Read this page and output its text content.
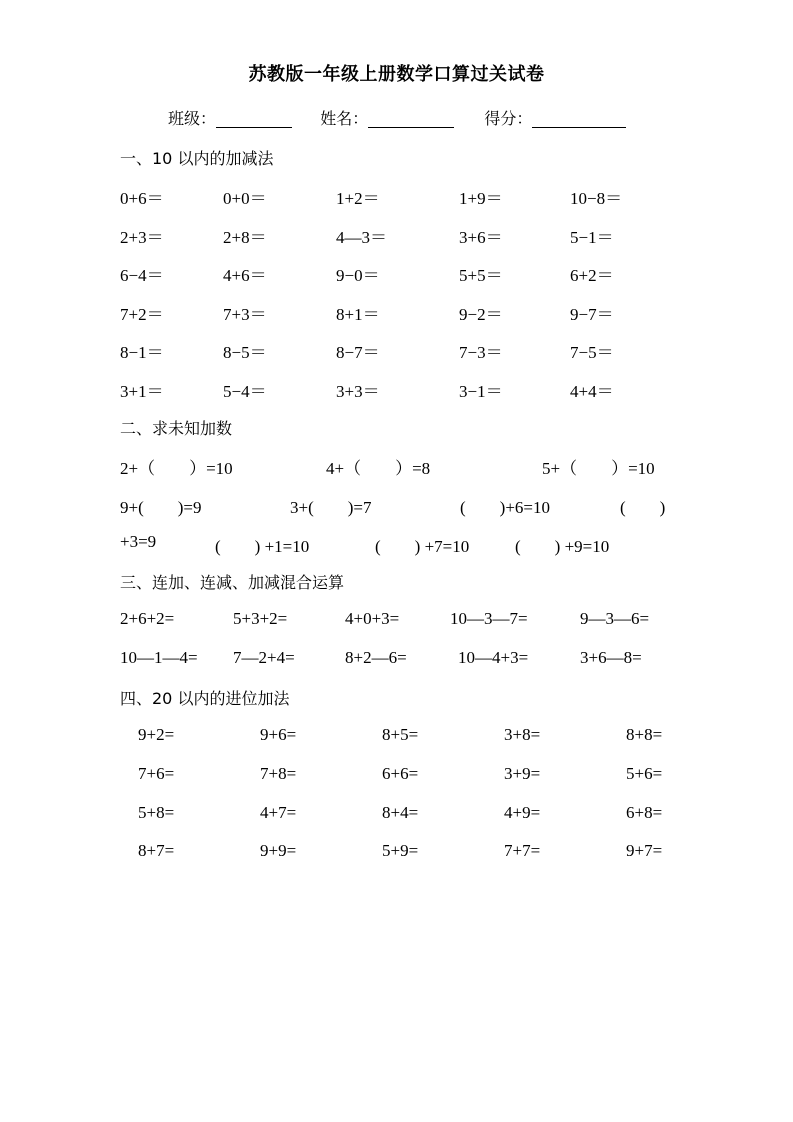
苏教版一年级上册数学口算过关试卷
班级：	姓名：	得分：
一、10 以内的加减法
0+6＝	0+0＝	1+2＝	1+9＝	10−8＝
2+3＝	2+8＝	4—3＝	3+6＝	5−1＝
6−4＝	4+6＝	9−0＝	5+5＝	6+2＝
7+2＝	7+3＝	8+1＝	9−2＝	9−7＝
8−1＝	8−5＝	8−7＝	7−3＝	7−5＝
3+1＝	5−4＝	3+3＝	3−1＝	4+4＝
二、求未知加数
2+（　　）=10	4+（　　）=8	5+（　　）=10
9+(　　)=9	3+(　　)=7	(　　)+6=10	(　　)
+3=9	(　　) +1=10	(　　) +7=10	(　　) +9=10
三、连加、连减、加减混合运算
2+6+2=	5+3+2=	4+0+3=	10—3—7=	9—3—6=
10—1—4= 7—2+4=	8+2—6=	10—4+3=	3+6—8=
四、20 以内的进位加法
9+2=	9+6=	8+5=	3+8=	8+8=
7+6=	7+8=	6+6=	3+9=	5+6=
5+8=	4+7=	8+4=	4+9=	6+8=
8+7=	9+9=	5+9=	7+7=	9+7=
